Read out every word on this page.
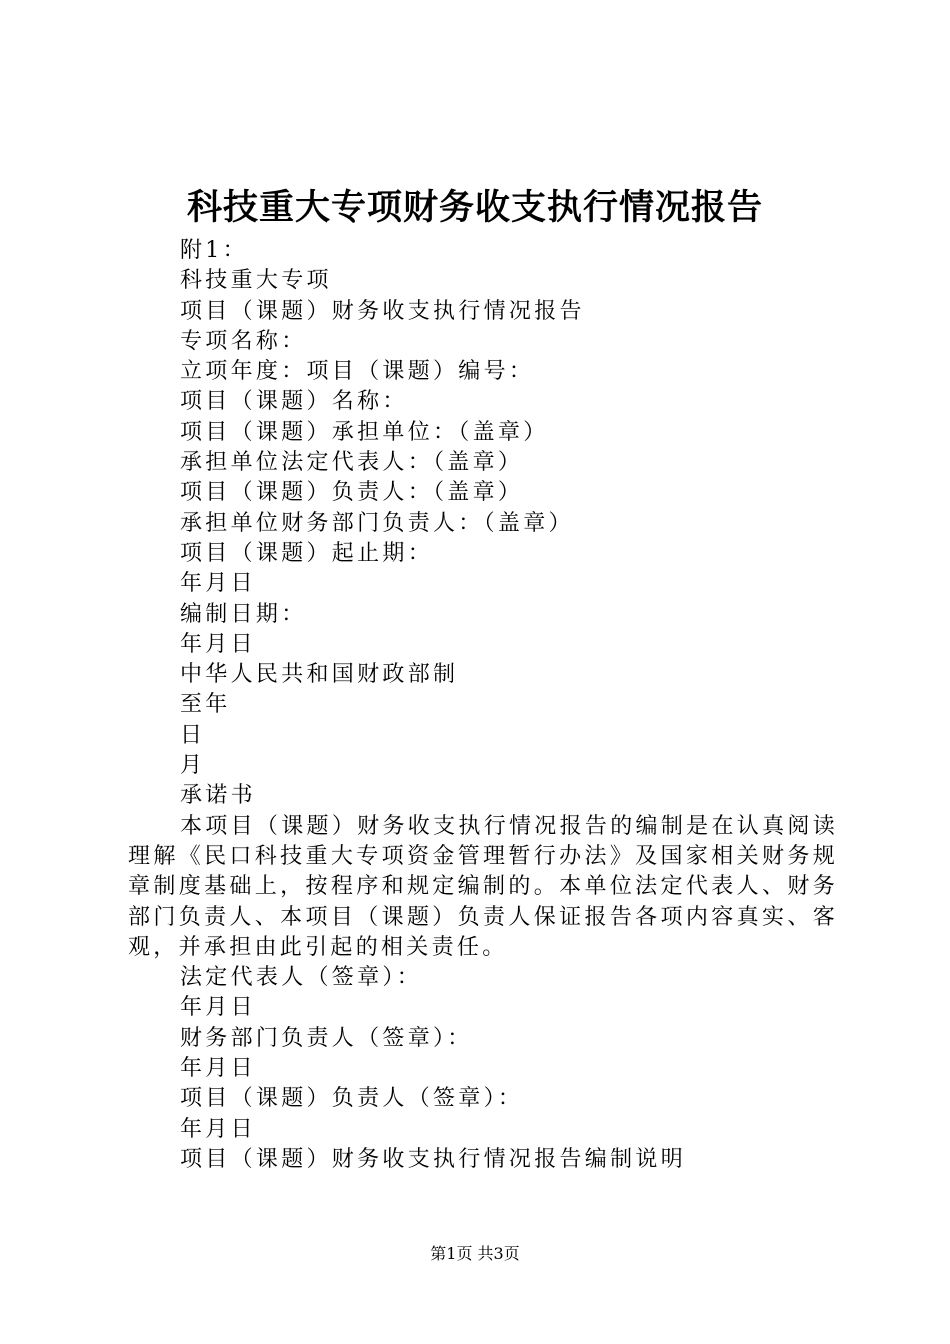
科技重大专项财务收支执行情况报告

附1：

科技重大专项

项目（课题）财务收支执行情况报告

专项名称：

立项年度：项目（课题）编号：

项目（课题）名称：

项目（课题）承担单位：（盖章）

承担单位法定代表人：（盖章）

项目（课题）负责人：（盖章）

承担单位财务部门负责人：（盖章）

项目（课题）起止期：

年月日

编制日期：

年月日

中华人民共和国财政部制

至年

日

月

承诺书

本项目（课题）财务收支执行情况报告的编制是在认真阅读理解《民口科技重大专项资金管理暂行办法》及国家相关财务规章制度基础上，按程序和规定编制的。本单位法定代表人、财务部门负责人、本项目（课题）负责人保证报告各项内容真实、客观，并承担由此引起的相关责任。

法定代表人（签章）：

年月日

财务部门负责人（签章）：

年月日

项目（课题）负责人（签章）：

年月日

项目（课题）财务收支执行情况报告编制说明

第1页 共3页
